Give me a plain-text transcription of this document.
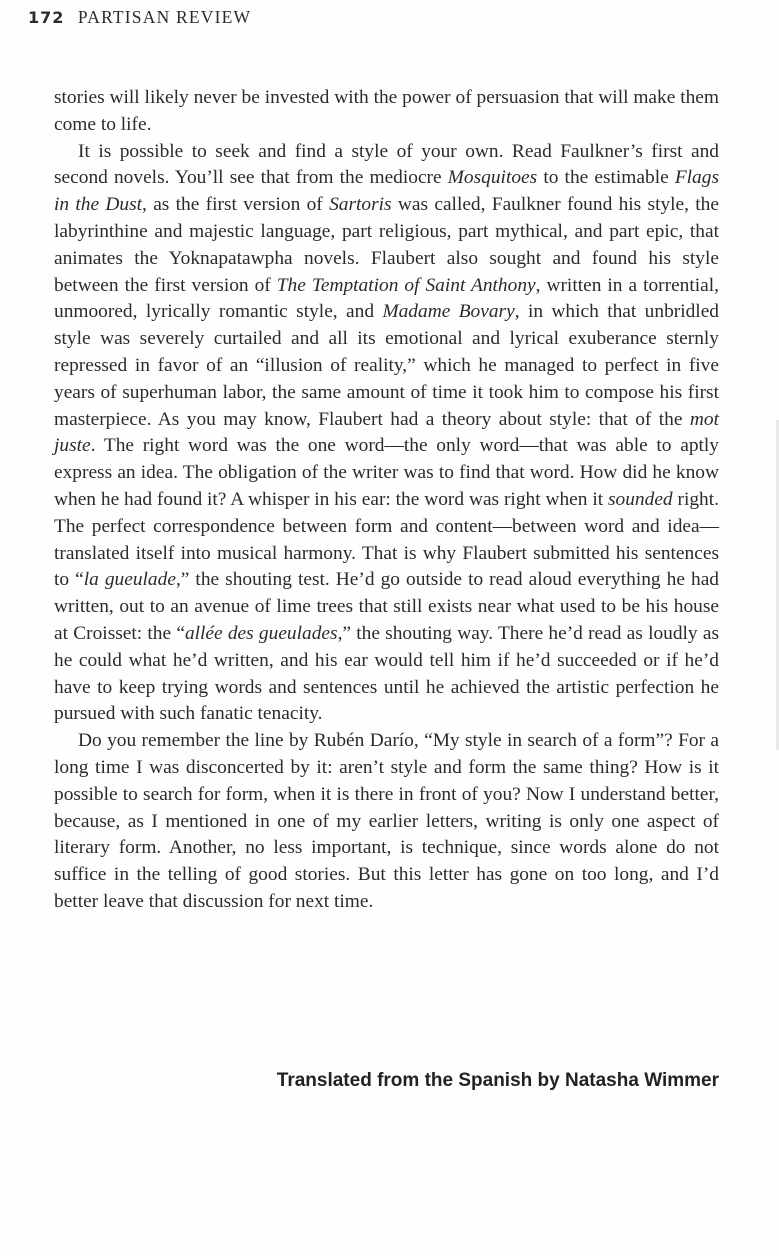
172 PARTISAN REVIEW

stories will likely never be invested with the power of persuasion that will make them come to life.

It is possible to seek and find a style of your own. Read Faulkner’s first and second novels. You’ll see that from the mediocre Mosquitoes to the estimable Flags in the Dust, as the first version of Sartoris was called, Faulkner found his style, the labyrinthine and majestic language, part religious, part mythical, and part epic, that animates the Yoknapatawpha novels. Flaubert also sought and found his style between the first version of The Temptation of Saint Anthony, written in a torrential, unmoored, lyrically romantic style, and Madame Bovary, in which that unbridled style was severely curtailed and all its emotional and lyrical exuberance sternly repressed in favor of an “illusion of reality,” which he managed to perfect in five years of superhuman labor, the same amount of time it took him to compose his first masterpiece. As you may know, Flaubert had a theory about style: that of the mot juste. The right word was the one word—the only word—that was able to aptly express an idea. The obligation of the writer was to find that word. How did he know when he had found it? A whisper in his ear: the word was right when it sounded right. The perfect correspondence between form and content—between word and idea—translated itself into musical harmony. That is why Flaubert submitted his sentences to “la gueulade,” the shouting test. He’d go outside to read aloud everything he had written, out to an avenue of lime trees that still exists near what used to be his house at Croisset: the “allée des gueulades,” the shouting way. There he’d read as loudly as he could what he’d written, and his ear would tell him if he’d succeeded or if he’d have to keep trying words and sentences until he achieved the artistic perfection he pursued with such fanatic tenacity.

Do you remember the line by Rubén Darío, “My style in search of a form”? For a long time I was disconcerted by it: aren’t style and form the same thing? How is it possible to search for form, when it is there in front of you? Now I understand better, because, as I mentioned in one of my earlier letters, writing is only one aspect of literary form. Another, no less important, is technique, since words alone do not suffice in the telling of good stories. But this letter has gone on too long, and I’d better leave that discussion for next time.

Translated from the Spanish by Natasha Wimmer
